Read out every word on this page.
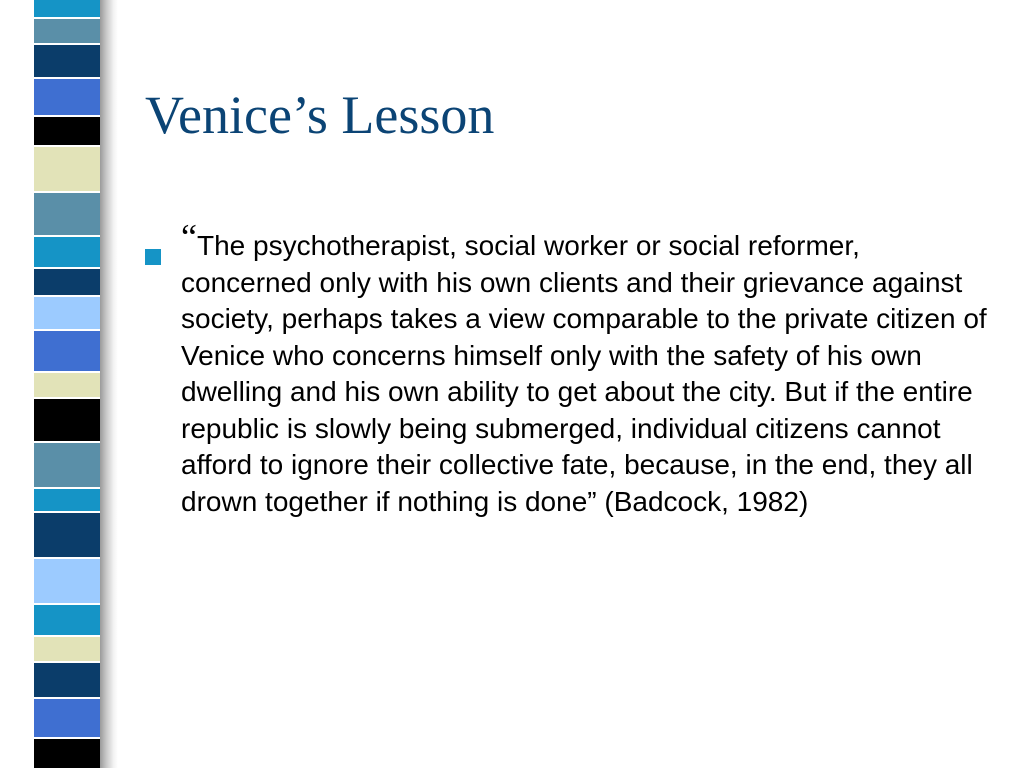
Venice’s Lesson

“The psychotherapist, social worker or social reformer, concerned only with his own clients and their grievance against society, perhaps takes a view comparable to the private citizen of Venice who concerns himself only with the safety of his own dwelling and his own ability to get about the city. But if the entire republic is slowly being submerged, individual citizens cannot afford to ignore their collective fate, because, in the end, they all drown together if nothing is done” (Badcock, 1982)
